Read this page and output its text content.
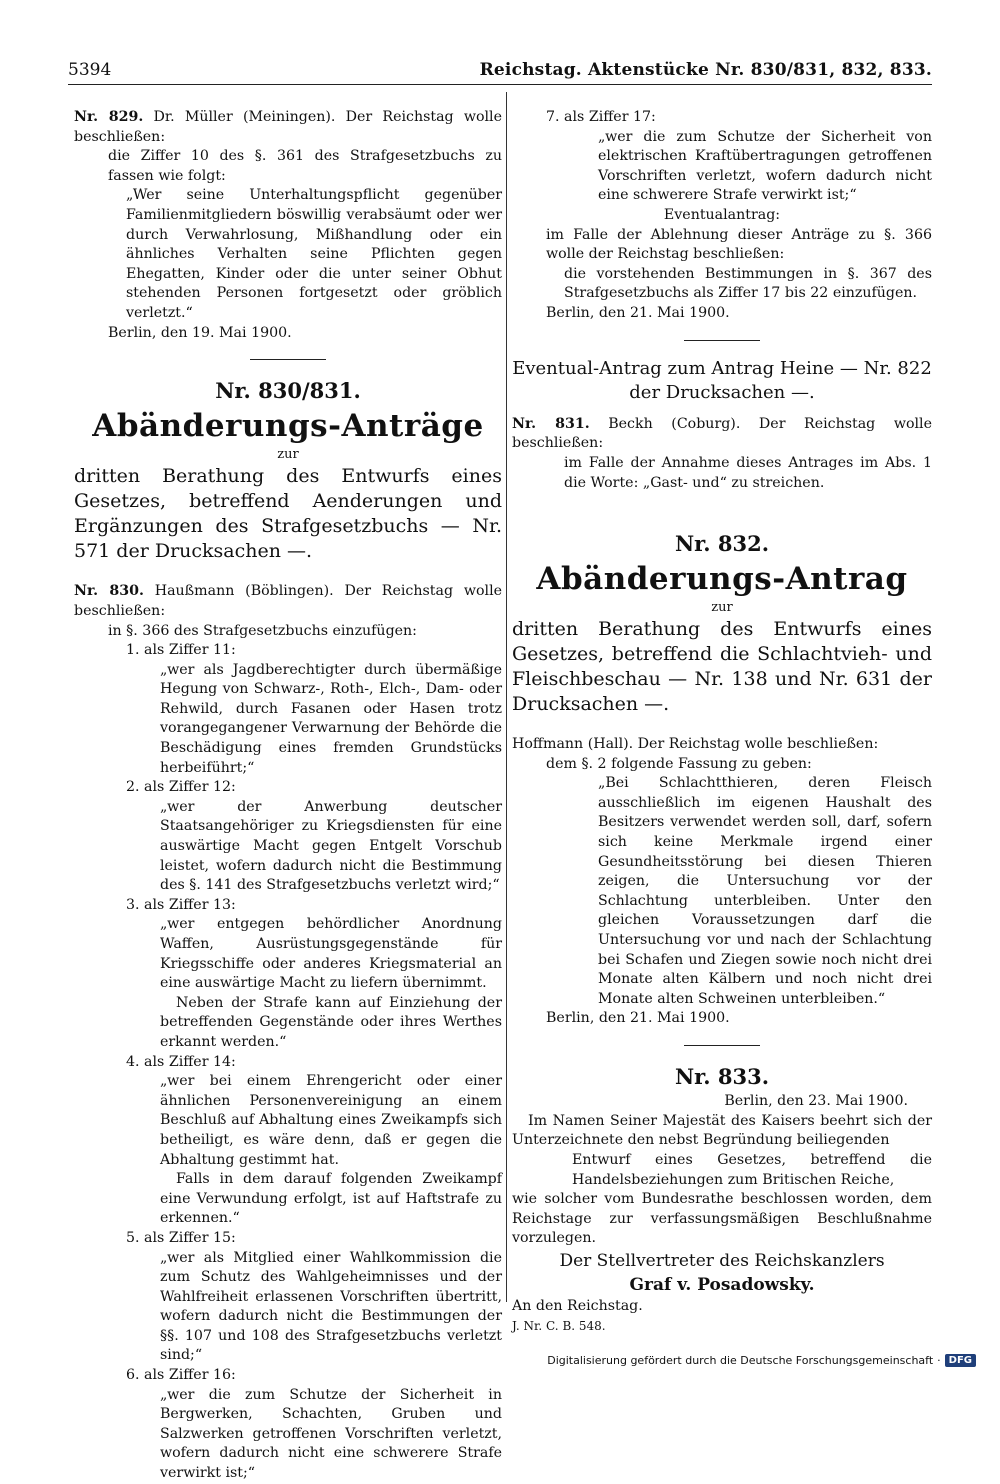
5394	Reichstag. Aktenstücke Nr. 830/831, 832, 833.

Nr. 829. Dr. Müller (Meiningen). Der Reichstag wolle beschließen:

die Ziffer 10 des §. 361 des Strafgesetzbuchs zu fassen wie folgt:

„Wer seine Unterhaltungspflicht gegenüber Familienmitgliedern böswillig verabsäumt oder wer durch Verwahrlosung, Mißhandlung oder ein ähnliches Verhalten seine Pflichten gegen Ehegatten, Kinder oder die unter seiner Obhut stehenden Personen fortgesetzt oder gröblich verletzt.“

Berlin, den 19. Mai 1900.

Nr. 830/831.
Abänderungs-Anträge
zur
dritten Berathung des Entwurfs eines Gesetzes, betreffend Aenderungen und Ergänzungen des Strafgesetzbuchs — Nr. 571 der Drucksachen —.

Nr. 830. Haußmann (Böblingen). Der Reichstag wolle beschließen:

in §. 366 des Strafgesetzbuchs einzufügen:

1. als Ziffer 11:

„wer als Jagdberechtigter durch übermäßige Hegung von Schwarz-, Roth-, Elch-, Dam- oder Rehwild, durch Fasanen oder Hasen trotz vorangegangener Verwarnung der Behörde die Beschädigung eines fremden Grundstücks herbeiführt;“

2. als Ziffer 12:

„wer der Anwerbung deutscher Staatsangehöriger zu Kriegsdiensten für eine auswärtige Macht gegen Entgelt Vorschub leistet, wofern dadurch nicht die Bestimmung des §. 141 des Strafgesetzbuchs verletzt wird;“

3. als Ziffer 13:

„wer entgegen behördlicher Anordnung Waffen, Ausrüstungsgegenstände für Kriegsschiffe oder anderes Kriegsmaterial an eine auswärtige Macht zu liefern übernimmt.

Neben der Strafe kann auf Einziehung der betreffenden Gegenstände oder ihres Werthes erkannt werden.“

4. als Ziffer 14:

„wer bei einem Ehrengericht oder einer ähnlichen Personenvereinigung an einem Beschluß auf Abhaltung eines Zweikampfs sich betheiligt, es wäre denn, daß er gegen die Abhaltung gestimmt hat.

Falls in dem darauf folgenden Zweikampf eine Verwundung erfolgt, ist auf Haftstrafe zu erkennen.“

5. als Ziffer 15:

„wer als Mitglied einer Wahlkommission die zum Schutz des Wahlgeheimnisses und der Wahlfreiheit erlassenen Vorschriften übertritt, wofern dadurch nicht die Bestimmungen der §§. 107 und 108 des Strafgesetzbuchs verletzt sind;“

6. als Ziffer 16:

„wer die zum Schutze der Sicherheit in Bergwerken, Schachten, Gruben und Salzwerken getroffenen Vorschriften verletzt, wofern dadurch nicht eine schwerere Strafe verwirkt ist;“

7. als Ziffer 17:

„wer die zum Schutze der Sicherheit von elektrischen Kraftübertragungen getroffenen Vorschriften verletzt, wofern dadurch nicht eine schwerere Strafe verwirkt ist;“

Eventualantrag:

im Falle der Ablehnung dieser Anträge zu §. 366 wolle der Reichstag beschließen:

die vorstehenden Bestimmungen in §. 367 des Strafgesetzbuchs als Ziffer 17 bis 22 einzufügen.

Berlin, den 21. Mai 1900.

Eventual-Antrag zum Antrag Heine — Nr. 822 der Drucksachen —.

Nr. 831. Beckh (Coburg). Der Reichstag wolle beschließen:

im Falle der Annahme dieses Antrages im Abs. 1 die Worte: „Gast- und“ zu streichen.

Nr. 832.
Abänderungs-Antrag
zur
dritten Berathung des Entwurfs eines Gesetzes, betreffend die Schlachtvieh- und Fleischbeschau — Nr. 138 und Nr. 631 der Drucksachen —.

Hoffmann (Hall). Der Reichstag wolle beschließen:

dem §. 2 folgende Fassung zu geben:

„Bei Schlachtthieren, deren Fleisch ausschließlich im eigenen Haushalt des Besitzers verwendet werden soll, darf, sofern sich keine Merkmale irgend einer Gesundheitsstörung bei diesen Thieren zeigen, die Untersuchung vor der Schlachtung unterbleiben. Unter den gleichen Voraussetzungen darf die Untersuchung vor und nach der Schlachtung bei Schafen und Ziegen sowie noch nicht drei Monate alten Kälbern und noch nicht drei Monate alten Schweinen unterbleiben.“

Berlin, den 21. Mai 1900.

Nr. 833.

Berlin, den 23. Mai 1900.

Im Namen Seiner Majestät des Kaisers beehrt sich der Unterzeichnete den nebst Begründung beiliegenden

Entwurf eines Gesetzes, betreffend die Handelsbeziehungen zum Britischen Reiche,

wie solcher vom Bundesrathe beschlossen worden, dem Reichstage zur verfassungsmäßigen Beschlußnahme vorzulegen.

Der Stellvertreter des Reichskanzlers
Graf v. Posadowsky.

An den Reichstag.

J. Nr. C. B. 548.

Digitalisierung gefördert durch die Deutsche Forschungsgemeinschaft · DFG
